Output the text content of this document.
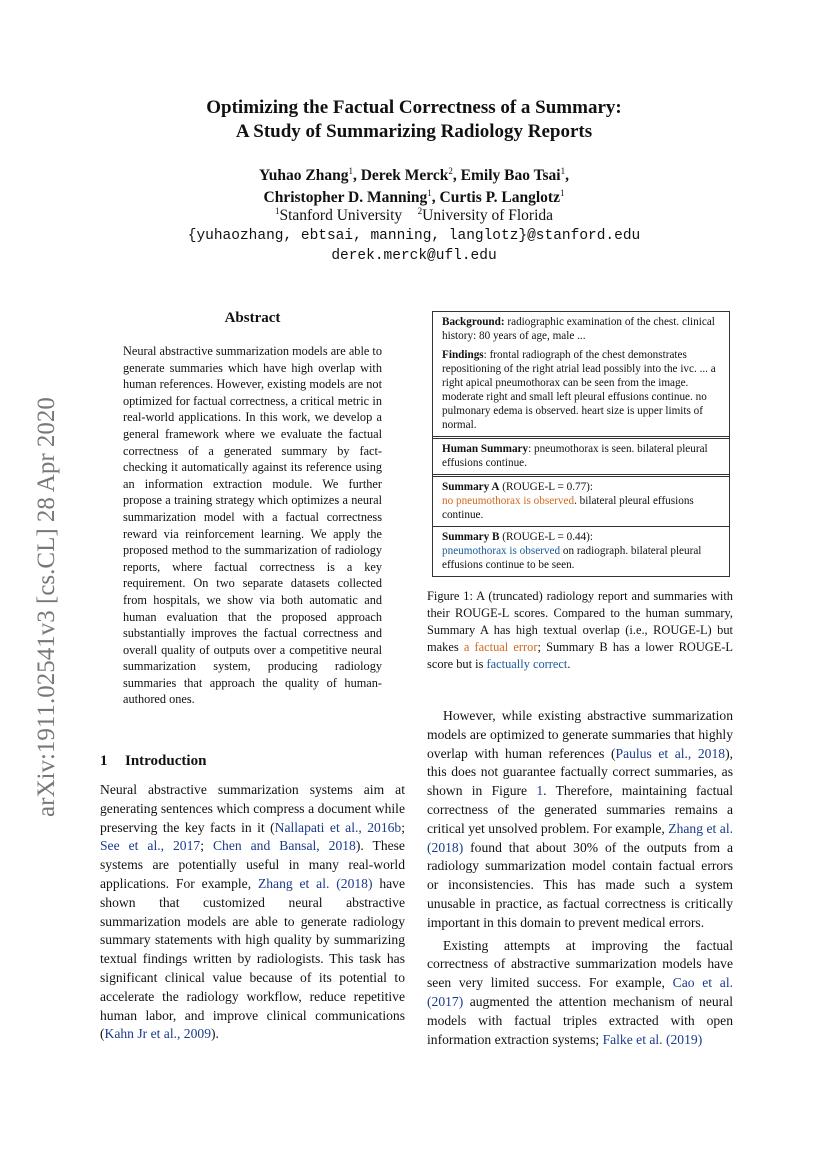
Optimizing the Factual Correctness of a Summary:
A Study of Summarizing Radiology Reports
Yuhao Zhang$^1$, Derek Merck$^2$, Emily Bao Tsai$^1$,
Christopher D. Manning$^1$, Curtis P. Langlotz$^1$
$^1$Stanford University $^2$University of Florida
{yuhaozhang, ebtsai, manning, langlotz}@stanford.edu
derek.merck@ufl.edu
arXiv:1911.02541v3 [cs.CL] 28 Apr 2020
Abstract
Neural abstractive summarization models are able to generate summaries which have high overlap with human references. However, existing models are not optimized for factual correctness, a critical metric in real-world applications. In this work, we develop a general framework where we evaluate the factual correctness of a generated summary by fact-checking it automatically against its reference using an information extraction module. We further propose a training strategy which optimizes a neural summarization model with a factual correctness reward via reinforcement learning. We apply the proposed method to the summarization of radiology reports, where factual correctness is a key requirement. On two separate datasets collected from hospitals, we show via both automatic and human evaluation that the proposed approach substantially improves the factual correctness and overall quality of outputs over a competitive neural summarization system, producing radiology summaries that approach the quality of human-authored ones.
1 Introduction

Neural abstractive summarization systems aim at generating sentences which compress a document while preserving the key facts in it (Nallapati et al., 2016b; See et al., 2017; Chen and Bansal, 2018). These systems are potentially useful in many real-world applications. For example, Zhang et al. (2018) have shown that customized neural abstractive summarization models are able to generate radiology summary statements with high quality by summarizing textual findings written by radiologists. This task has significant clinical value because of its potential to accelerate the radiology workflow, reduce repetitive human labor, and improve clinical communications (Kahn Jr et al., 2009).

Background: radiographic examination of the chest. clinical history: 80 years of age, male ...
Findings: frontal radiograph of the chest demonstrates repositioning of the right atrial lead possibly into the ivc. ... a right apical pneumothorax can be seen from the image. moderate right and small left pleural effusions continue. no pulmonary edema is observed. heart size is upper limits of normal.
Human Summary: pneumothorax is seen. bilateral pleural effusions continue.
Summary A (ROUGE-L = 0.77):
no pneumothorax is observed. bilateral pleural effusions continue.
Summary B (ROUGE-L = 0.44):
pneumothorax is observed on radiograph. bilateral pleural effusions continue to be seen.
Figure 1: A (truncated) radiology report and summaries with their ROUGE-L scores. Compared to the human summary, Summary A has high textual overlap (i.e., ROUGE-L) but makes a factual error; Summary B has a lower ROUGE-L score but is factually correct.

However, while existing abstractive summarization models are optimized to generate summaries that highly overlap with human references (Paulus et al., 2018), this does not guarantee factually correct summaries, as shown in Figure 1. Therefore, maintaining factual correctness of the generated summaries remains a critical yet unsolved problem. For example, Zhang et al. (2018) found that about 30% of the outputs from a radiology summarization model contain factual errors or inconsistencies. This has made such a system unusable in practice, as factual correctness is critically important in this domain to prevent medical errors.

Existing attempts at improving the factual correctness of abstractive summarization models have seen very limited success. For example, Cao et al. (2017) augmented the attention mechanism of neural models with factual triples extracted with open information extraction systems; Falke et al. (2019)
